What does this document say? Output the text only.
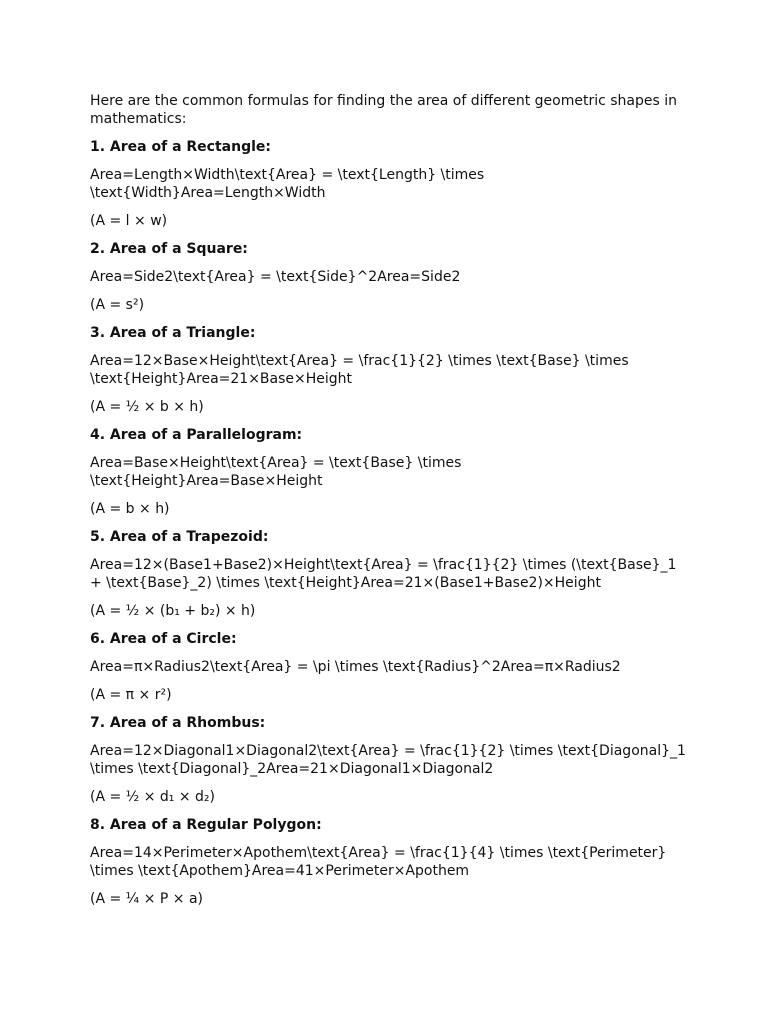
Here are the common formulas for finding the area of different geometric shapes in mathematics:

1. Area of a Rectangle:

Area=Length×Width\text{Area} = \text{Length} \times \text{Width}Area=Length×Width

(A = l × w)

2. Area of a Square:

Area=Side2\text{Area} = \text{Side}^2Area=Side2

(A = s²)

3. Area of a Triangle:

Area=12×Base×Height\text{Area} = \frac{1}{2} \times \text{Base} \times \text{Height}Area=21×Base×Height

(A = ½ × b × h)

4. Area of a Parallelogram:

Area=Base×Height\text{Area} = \text{Base} \times \text{Height}Area=Base×Height

(A = b × h)

5. Area of a Trapezoid:

Area=12×(Base1+Base2)×Height\text{Area} = \frac{1}{2} \times (\text{Base}_1 + \text{Base}_2) \times \text{Height}Area=21×(Base1+Base2)×Height

(A = ½ × (b₁ + b₂) × h)

6. Area of a Circle:

Area=π×Radius2\text{Area} = \pi \times \text{Radius}^2Area=π×Radius2

(A = π × r²)

7. Area of a Rhombus:

Area=12×Diagonal1×Diagonal2\text{Area} = \frac{1}{2} \times \text{Diagonal}_1 \times \text{Diagonal}_2Area=21×Diagonal1×Diagonal2

(A = ½ × d₁ × d₂)

8. Area of a Regular Polygon:

Area=14×Perimeter×Apothem\text{Area} = \frac{1}{4} \times \text{Perimeter} \times \text{Apothem}Area=41×Perimeter×Apothem

(A = ¼ × P × a)
